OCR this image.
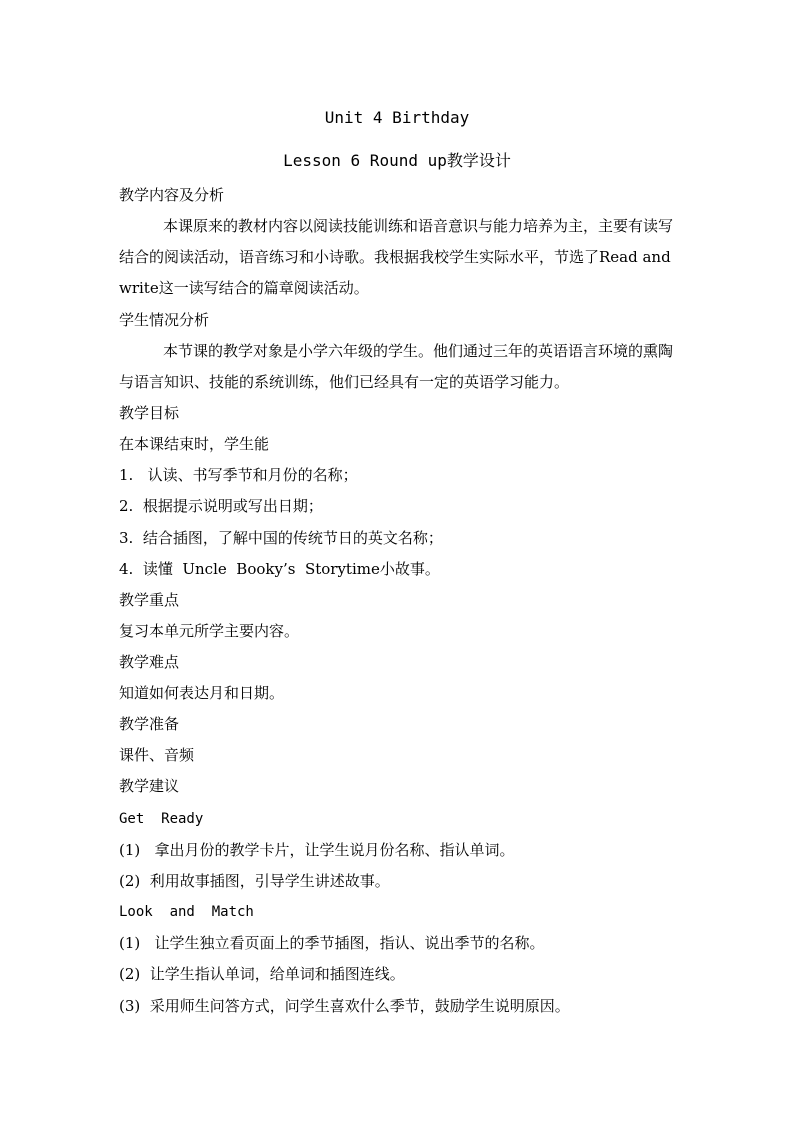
Unit 4 Birthday
Lesson 6 Round up教学设计
教学内容及分析
本课原来的教材内容以阅读技能训练和语音意识与能力培养为主，主要有读写结合的阅读活动，语音练习和小诗歌。我根据我校学生实际水平，节选了Read and write这一读写结合的篇章阅读活动。
学生情况分析
本节课的教学对象是小学六年级的学生。他们通过三年的英语语言环境的熏陶与语言知识、技能的系统训练，他们已经具有一定的英语学习能力。
教学目标
在本课结束时，学生能
1.   认读、书写季节和月份的名称；
2.  根据提示说明或写出日期；
3.  结合插图，了解中国的传统节日的英文名称；
4.  读懂  Uncle  Booky’s  Storytime小故事。
教学重点
复习本单元所学主要内容。
教学难点
知道如何表达月和日期。
教学准备
课件、音频
教学建议
Get  Ready
(1)   拿出月份的教学卡片，让学生说月份名称、指认单词。
(2)  利用故事插图，引导学生讲述故事。
Look  and  Match
(1)   让学生独立看页面上的季节插图，指认、说出季节的名称。
(2)  让学生指认单词，给单词和插图连线。
(3)  采用师生问答方式，问学生喜欢什么季节，鼓励学生说明原因。
